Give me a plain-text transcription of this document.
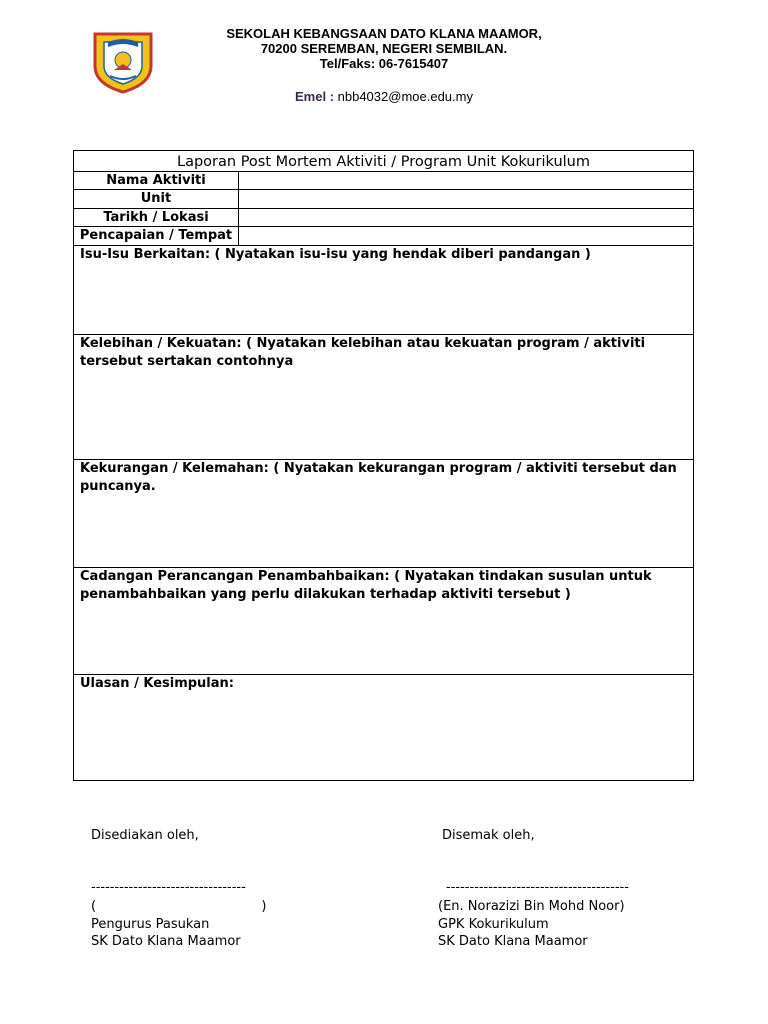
SEKOLAH KEBANGSAAN DATO KLANA MAAMOR,
70200 SEREMBAN, NEGERI SEMBILAN.
Tel/Faks: 06-7615407
Emel : nbb4032@moe.edu.my
Laporan Post Mortem Aktiviti / Program Unit Kokurikulum
Nama Aktiviti
Unit
Tarikh / Lokasi
Pencapaian / Tempat
Isu-Isu Berkaitan: ( Nyatakan isu-isu yang hendak diberi pandangan )
Kelebihan / Kekuatan: ( Nyatakan kelebihan atau kekuatan program / aktiviti tersebut sertakan contohnya
Kekurangan / Kelemahan: ( Nyatakan kekurangan program / aktiviti tersebut dan puncanya.
Cadangan Perancangan Penambahbaikan: ( Nyatakan tindakan susulan untuk penambahbaikan yang perlu dilakukan terhadap aktiviti tersebut )
Ulasan / Kesimpulan:
Disediakan oleh,
---------------------------------
(                                        )
Pengurus Pasukan
SK Dato Klana Maamor
Disemak oleh,
---------------------------------------
(En. Norazizi Bin Mohd Noor)
GPK Kokurikulum
SK Dato Klana Maamor
